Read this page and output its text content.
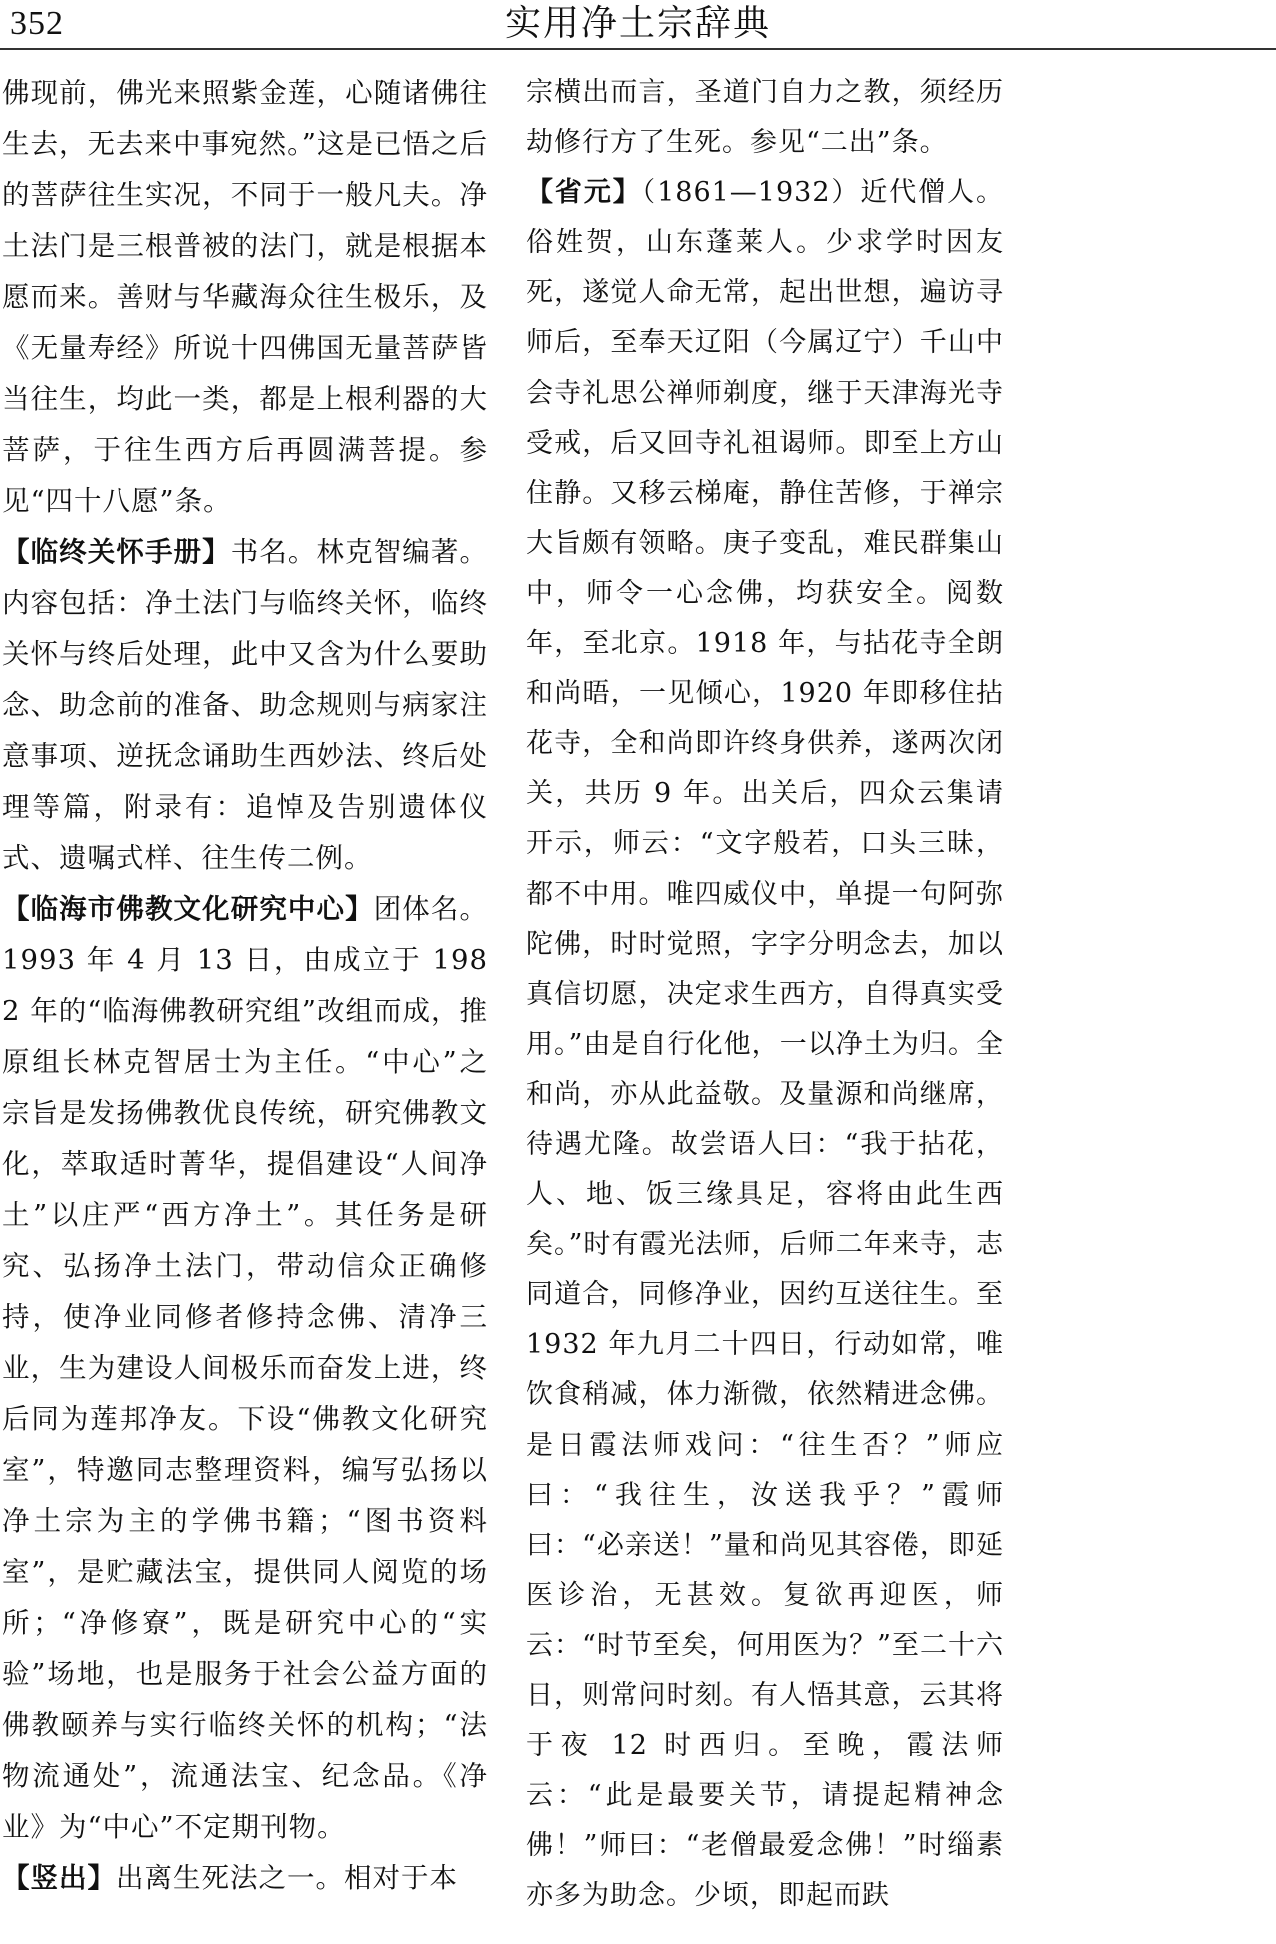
352	实用净土宗辞典

佛现前，佛光来照紫金莲，心随诸佛往生去，无去来中事宛然。”这是已悟之后的菩萨往生实况，不同于一般凡夫。净土法门是三根普被的法门，就是根据本愿而来。善财与华藏海众往生极乐，及《无量寿经》所说十四佛国无量菩萨皆当往生，均此一类，都是上根利器的大菩萨，于往生西方后再圆满菩提。参见“四十八愿”条。

【临终关怀手册】书名。林克智编著。内容包括：净土法门与临终关怀，临终关怀与终后处理，此中又含为什么要助念、助念前的准备、助念规则与病家注意事项、逆抚念诵助生西妙法、终后处理等篇，附录有：追悼及告别遗体仪式、遗嘱式样、往生传二例。

【临海市佛教文化研究中心】团体名。1993 年 4 月 13 日，由成立于 1982 年的“临海佛教研究组”改组而成，推原组长林克智居士为主任。“中心”之宗旨是发扬佛教优良传统，研究佛教文化，萃取适时菁华，提倡建设“人间净土”以庄严“西方净土”。其任务是研究、弘扬净土法门，带动信众正确修持，使净业同修者修持念佛、清净三业，生为建设人间极乐而奋发上进，终后同为莲邦净友。下设“佛教文化研究室”，特邀同志整理资料，编写弘扬以净土宗为主的学佛书籍；“图书资料室”，是贮藏法宝，提供同人阅览的场所；“净修寮”，既是研究中心的“实验”场地，也是服务于社会公益方面的佛教颐养与实行临终关怀的机构；“法物流通处”，流通法宝、纪念品。《净业》为“中心”不定期刊物。

【竖出】出离生死法之一。相对于本

宗横出而言，圣道门自力之教，须经历劫修行方了生死。参见“二出”条。

【省元】（1861—1932）近代僧人。俗姓贺，山东蓬莱人。少求学时因友死，遂觉人命无常，起出世想，遍访寻师后，至奉天辽阳（今属辽宁）千山中会寺礼思公禅师剃度，继于天津海光寺受戒，后又回寺礼祖谒师。即至上方山住静。又移云梯庵，静住苦修，于禅宗大旨颇有领略。庚子变乱，难民群集山中，师令一心念佛，均获安全。阅数年，至北京。1918 年，与拈花寺全朗和尚晤，一见倾心，1920 年即移住拈花寺，全和尚即许终身供养，遂两次闭关，共历 9 年。出关后，四众云集请开示，师云：“文字般若，口头三昧，都不中用。唯四威仪中，单提一句阿弥陀佛，时时觉照，字字分明念去，加以真信切愿，决定求生西方，自得真实受用。”由是自行化他，一以净土为归。全和尚，亦从此益敬。及量源和尚继席，待遇尤隆。故尝语人曰：“我于拈花，人、地、饭三缘具足，容将由此生西矣。”时有霞光法师，后师二年来寺，志同道合，同修净业，因约互送往生。至 1932 年九月二十四日，行动如常，唯饮食稍减，体力渐微，依然精进念佛。是日霞法师戏问：“往生否？”师应曰：“我往生，汝送我乎？”霞师曰：“必亲送！”量和尚见其容倦，即延医诊治，无甚效。复欲再迎医，师云：“时节至矣，何用医为？”至二十六日，则常问时刻。有人悟其意，云其将于夜 12 时西归。至晚，霞法师云：“此是最要关节，请提起精神念佛！”师曰：“老僧最爱念佛！”时缁素亦多为助念。少顷，即起而趺
